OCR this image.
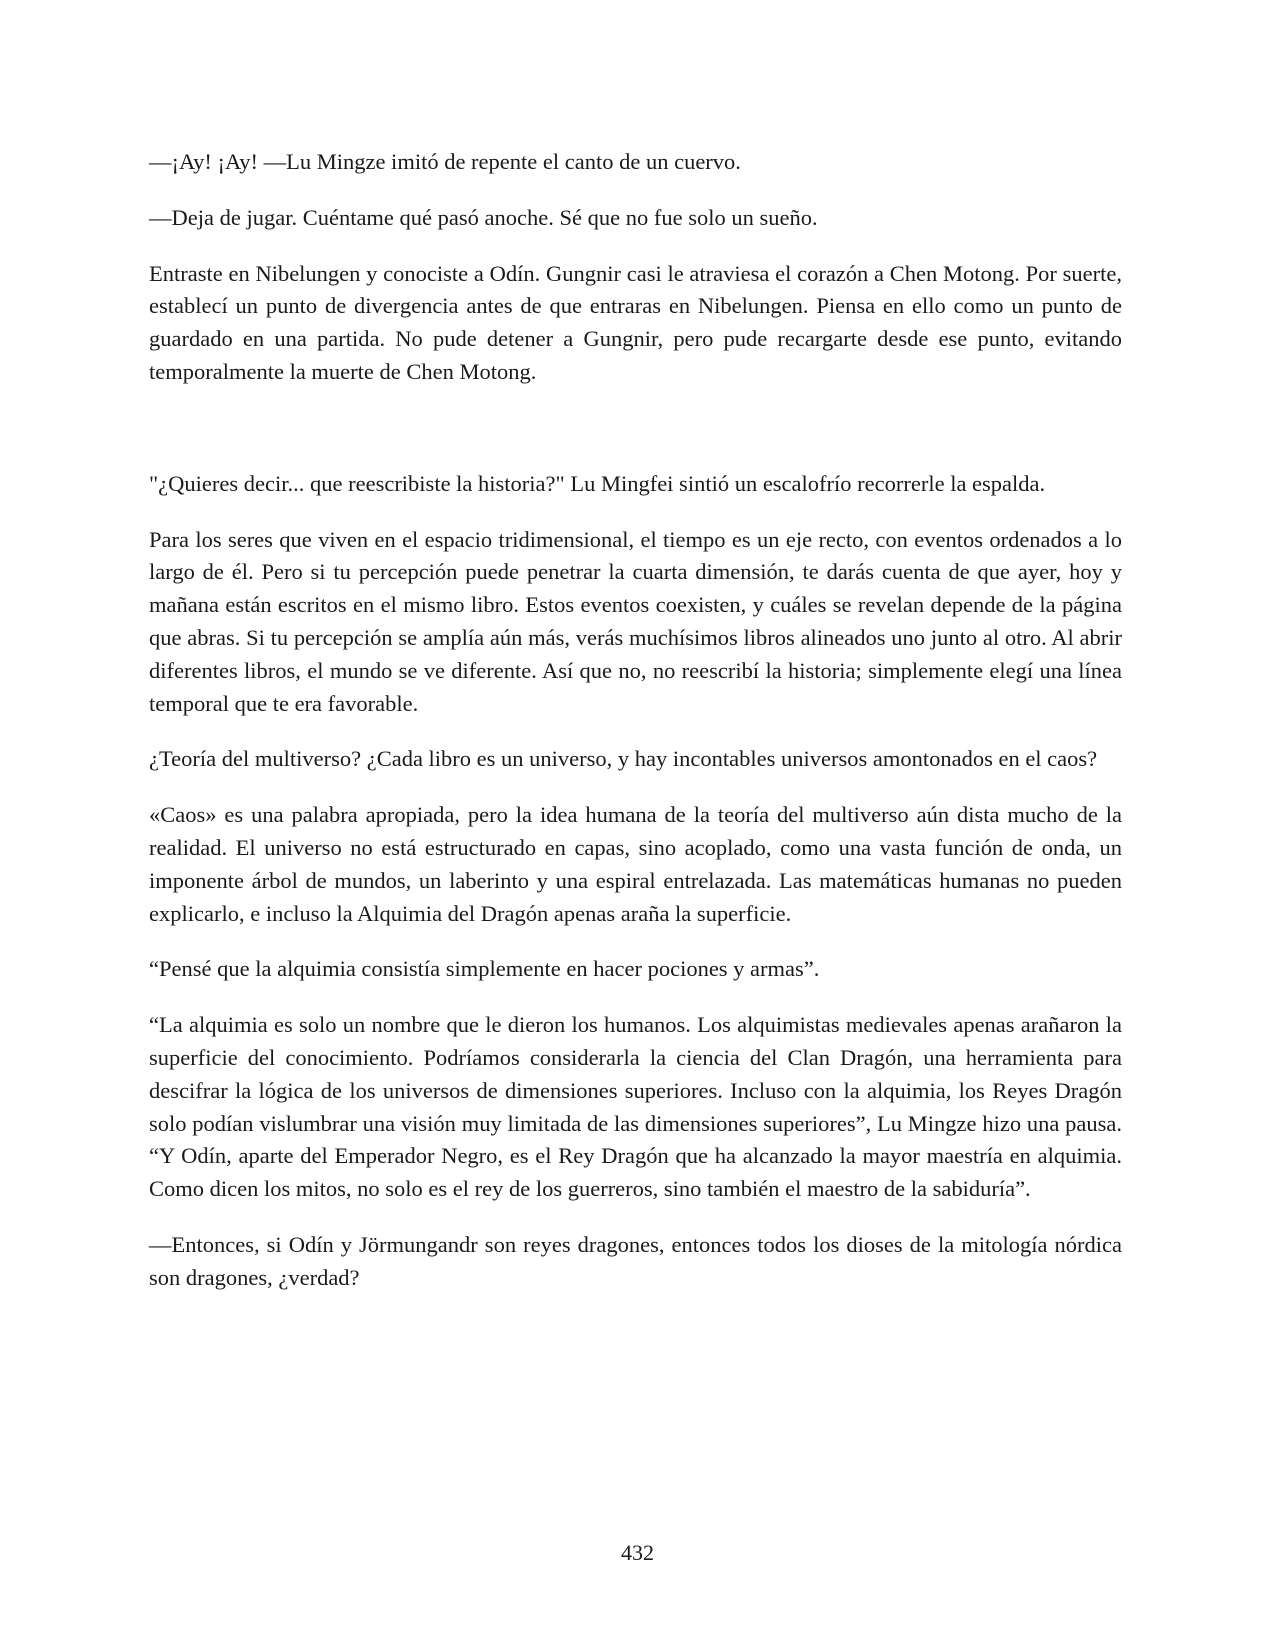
—¡Ay! ¡Ay! —Lu Mingze imitó de repente el canto de un cuervo.

—Deja de jugar. Cuéntame qué pasó anoche. Sé que no fue solo un sueño.

Entraste en Nibelungen y conociste a Odín. Gungnir casi le atraviesa el corazón a Chen Motong. Por suerte, establecí un punto de divergencia antes de que entraras en Nibelungen. Piensa en ello como un punto de guardado en una partida. No pude detener a Gungnir, pero pude recargarte desde ese punto, evitando temporalmente la muerte de Chen Motong.

"¿Quieres decir... que reescribiste la historia?" Lu Mingfei sintió un escalofrío recorrerle la espalda.

Para los seres que viven en el espacio tridimensional, el tiempo es un eje recto, con eventos ordenados a lo largo de él. Pero si tu percepción puede penetrar la cuarta dimensión, te darás cuenta de que ayer, hoy y mañana están escritos en el mismo libro. Estos eventos coexisten, y cuáles se revelan depende de la página que abras. Si tu percepción se amplía aún más, verás muchísimos libros alineados uno junto al otro. Al abrir diferentes libros, el mundo se ve diferente. Así que no, no reescribí la historia; simplemente elegí una línea temporal que te era favorable.

¿Teoría del multiverso? ¿Cada libro es un universo, y hay incontables universos amontonados en el caos?

«Caos» es una palabra apropiada, pero la idea humana de la teoría del multiverso aún dista mucho de la realidad. El universo no está estructurado en capas, sino acoplado, como una vasta función de onda, un imponente árbol de mundos, un laberinto y una espiral entrelazada. Las matemáticas humanas no pueden explicarlo, e incluso la Alquimia del Dragón apenas araña la superficie.

“Pensé que la alquimia consistía simplemente en hacer pociones y armas”.

“La alquimia es solo un nombre que le dieron los humanos. Los alquimistas medievales apenas arañaron la superficie del conocimiento. Podríamos considerarla la ciencia del Clan Dragón, una herramienta para descifrar la lógica de los universos de dimensiones superiores. Incluso con la alquimia, los Reyes Dragón solo podían vislumbrar una visión muy limitada de las dimensiones superiores”, Lu Mingze hizo una pausa. “Y Odín, aparte del Emperador Negro, es el Rey Dragón que ha alcanzado la mayor maestría en alquimia. Como dicen los mitos, no solo es el rey de los guerreros, sino también el maestro de la sabiduría”.

—Entonces, si Odín y Jörmungandr son reyes dragones, entonces todos los dioses de la mitología nórdica son dragones, ¿verdad?

432
